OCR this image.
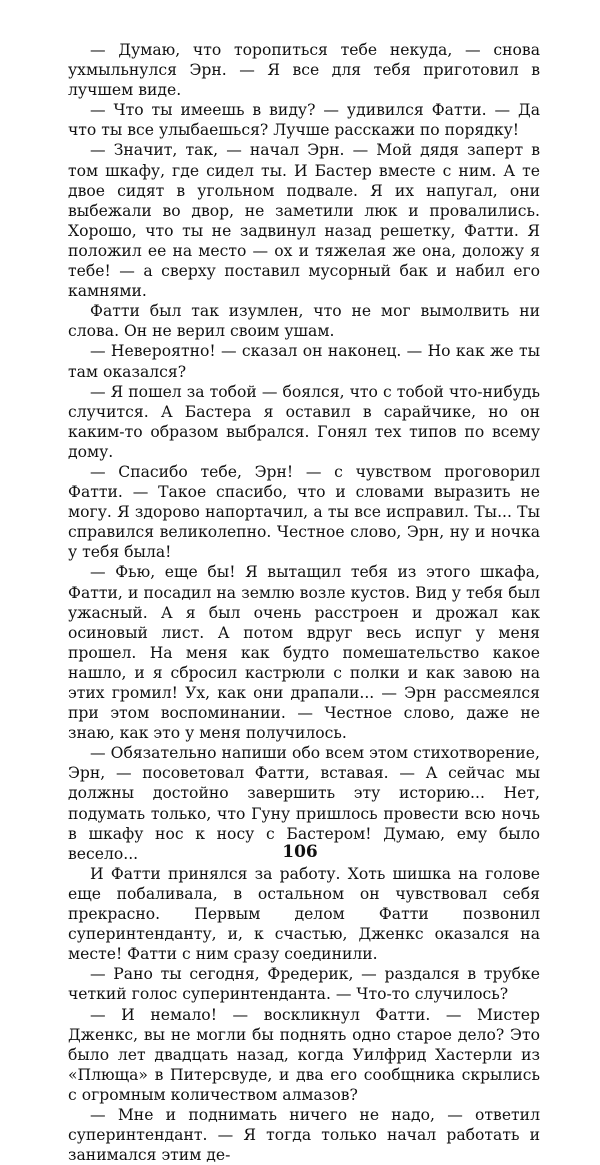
— Думаю, что торопиться тебе некуда, — снова ухмыльнулся Эрн. — Я все для тебя приготовил в лучшем виде.

— Что ты имеешь в виду? — удивился Фатти. — Да что ты все улыбаешься? Лучше расскажи по порядку!

— Значит, так, — начал Эрн. — Мой дядя заперт в том шкафу, где сидел ты. И Бастер вместе с ним. А те двое сидят в угольном подвале. Я их напугал, они выбежали во двор, не заметили люк и провалились. Хорошо, что ты не задвинул назад решетку, Фатти. Я положил ее на место — ох и тяжелая же она, доложу я тебе! — а сверху поставил мусорный бак и набил его камнями.

Фатти был так изумлен, что не мог вымолвить ни слова. Он не верил своим ушам.

— Невероятно! — сказал он наконец. — Но как же ты там оказался?

— Я пошел за тобой — боялся, что с тобой что-нибудь случится. А Бастера я оставил в сарайчике, но он каким-то образом выбрался. Гонял тех типов по всему дому.

— Спасибо тебе, Эрн! — с чувством проговорил Фатти. — Такое спасибо, что и словами выразить не могу. Я здорово напортачил, а ты все исправил. Ты... Ты справился великолепно. Честное слово, Эрн, ну и ночка у тебя была!

— Фью, еще бы! Я вытащил тебя из этого шкафа, Фатти, и посадил на землю возле кустов. Вид у тебя был ужасный. А я был очень расстроен и дрожал как осиновый лист. А потом вдруг весь испуг у меня прошел. На меня как будто помешательство какое нашло, и я сбросил кастрюли с полки и как завою на этих громил! Ух, как они драпали... — Эрн рассмеялся при этом воспоминании. — Честное слово, даже не знаю, как это у меня получилось.

— Обязательно напиши обо всем этом стихотворение, Эрн, — посоветовал Фатти, вставая. — А сейчас мы должны достойно завершить эту историю... Нет, подумать только, что Гуну пришлось провести всю ночь в шкафу нос к носу с Бастером! Думаю, ему было весело...

И Фатти принялся за работу. Хоть шишка на голове еще побаливала, в остальном он чувствовал себя прекрасно. Первым делом Фатти позвонил суперинтенданту, и, к счастью, Дженкс оказался на месте! Фатти с ним сразу соединили.

— Рано ты сегодня, Фредерик, — раздался в трубке четкий голос суперинтенданта. — Что-то случилось?

— И немало! — воскликнул Фатти. — Мистер Дженкс, вы не могли бы поднять одно старое дело? Это было лет двадцать назад, когда Уилфрид Хастерли из «Плюща» в Питерсвуде, и два его сообщника скрылись с огромным количеством алмазов?

— Мне и поднимать ничего не надо, — ответил суперинтендант. — Я тогда только начал работать и занимался этим де-

106
